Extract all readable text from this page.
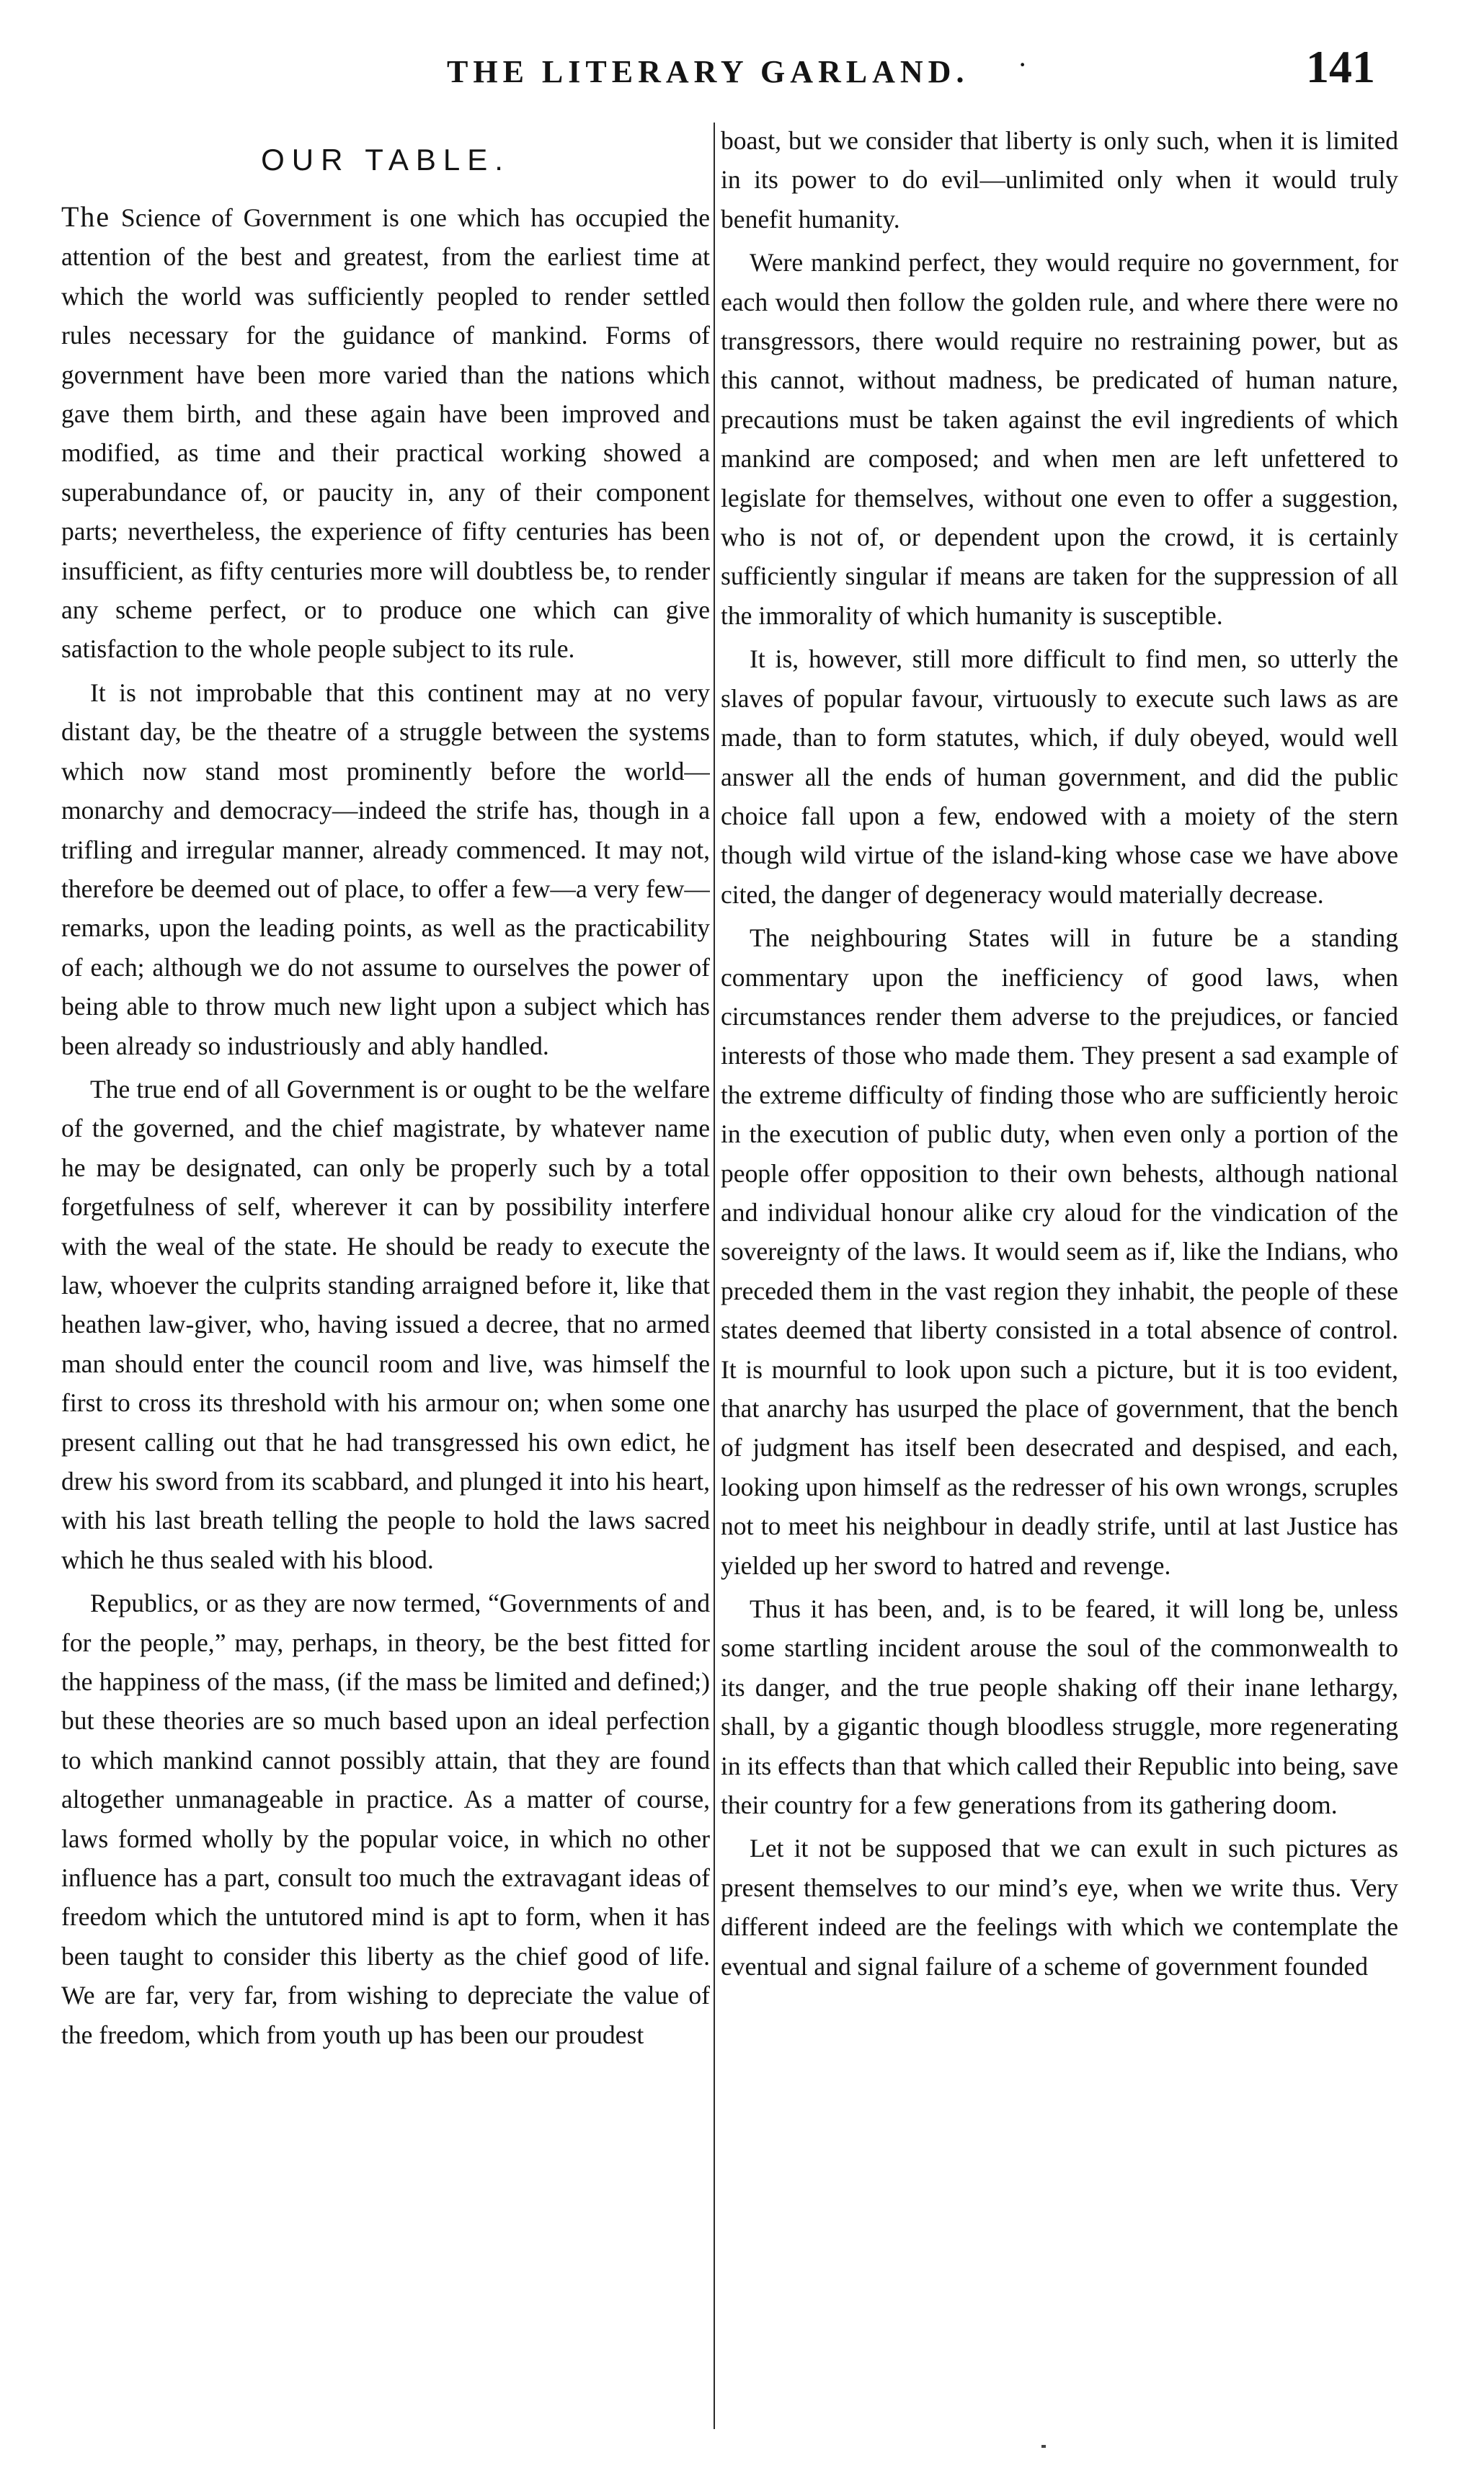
THE LITERARY GARLAND. ·	141
OUR TABLE.

The Science of Government is one which has occupied the attention of the best and greatest, from the earliest time at which the world was sufficiently peopled to render settled rules necessary for the guidance of mankind. Forms of government have been more varied than the nations which gave them birth, and these again have been improved and modified, as time and their practical working showed a superabundance of, or paucity in, any of their component parts; nevertheless, the experience of fifty centuries has been insufficient, as fifty centuries more will doubtless be, to render any scheme perfect, or to produce one which can give satisfaction to the whole people subject to its rule.

It is not improbable that this continent may at no very distant day, be the theatre of a struggle between the systems which now stand most prominently before the world—monarchy and democracy—indeed the strife has, though in a trifling and irregular manner, already commenced. It may not, therefore be deemed out of place, to offer a few—a very few—remarks, upon the leading points, as well as the practicability of each; although we do not assume to ourselves the power of being able to throw much new light upon a subject which has been already so industriously and ably handled.

The true end of all Government is or ought to be the welfare of the governed, and the chief magistrate, by whatever name he may be designated, can only be properly such by a total forgetfulness of self, wherever it can by possibility interfere with the weal of the state. He should be ready to execute the law, whoever the culprits standing arraigned before it, like that heathen law-giver, who, having issued a decree, that no armed man should enter the council room and live, was himself the first to cross its threshold with his armour on; when some one present calling out that he had transgressed his own edict, he drew his sword from its scabbard, and plunged it into his heart, with his last breath telling the people to hold the laws sacred which he thus sealed with his blood.

Republics, or as they are now termed, “Governments of and for the people,” may, perhaps, in theory, be the best fitted for the happiness of the mass, (if the mass be limited and defined;) but these theories are so much based upon an ideal perfection to which mankind cannot possibly attain, that they are found altogether unmanageable in practice. As a matter of course, laws formed wholly by the popular voice, in which no other influence has a part, consult too much the extravagant ideas of freedom which the untutored mind is apt to form, when it has been taught to consider this liberty as the chief good of life. We are far, very far, from wishing to depreciate the value of the freedom, which from youth up has been our proudest

boast, but we consider that liberty is only such, when it is limited in its power to do evil—unlimited only when it would truly benefit humanity.

Were mankind perfect, they would require no government, for each would then follow the golden rule, and where there were no transgressors, there would require no restraining power, but as this cannot, without madness, be predicated of human nature, precautions must be taken against the evil ingredients of which mankind are composed; and when men are left unfettered to legislate for themselves, without one even to offer a suggestion, who is not of, or dependent upon the crowd, it is certainly sufficiently singular if means are taken for the suppression of all the immorality of which humanity is susceptible.

It is, however, still more difficult to find men, so utterly the slaves of popular favour, virtuously to execute such laws as are made, than to form statutes, which, if duly obeyed, would well answer all the ends of human government, and did the public choice fall upon a few, endowed with a moiety of the stern though wild virtue of the island-king whose case we have above cited, the danger of degeneracy would materially decrease.

The neighbouring States will in future be a standing commentary upon the inefficiency of good laws, when circumstances render them adverse to the prejudices, or fancied interests of those who made them. They present a sad example of the extreme difficulty of finding those who are sufficiently heroic in the execution of public duty, when even only a portion of the people offer opposition to their own behests, although national and individual honour alike cry aloud for the vindication of the sovereignty of the laws. It would seem as if, like the Indians, who preceded them in the vast region they inhabit, the people of these states deemed that liberty consisted in a total absence of control. It is mournful to look upon such a picture, but it is too evident, that anarchy has usurped the place of government, that the bench of judgment has itself been desecrated and despised, and each, looking upon himself as the redresser of his own wrongs, scruples not to meet his neighbour in deadly strife, until at last Justice has yielded up her sword to hatred and revenge.

Thus it has been, and, is to be feared, it will long be, unless some startling incident arouse the soul of the commonwealth to its danger, and the true people shaking off their inane lethargy, shall, by a gigantic though bloodless struggle, more regenerating in its effects than that which called their Republic into being, save their country for a few generations from its gathering doom.

Let it not be supposed that we can exult in such pictures as present themselves to our mind’s eye, when we write thus. Very different indeed are the feelings with which we contemplate the eventual and signal failure of a scheme of government founded
